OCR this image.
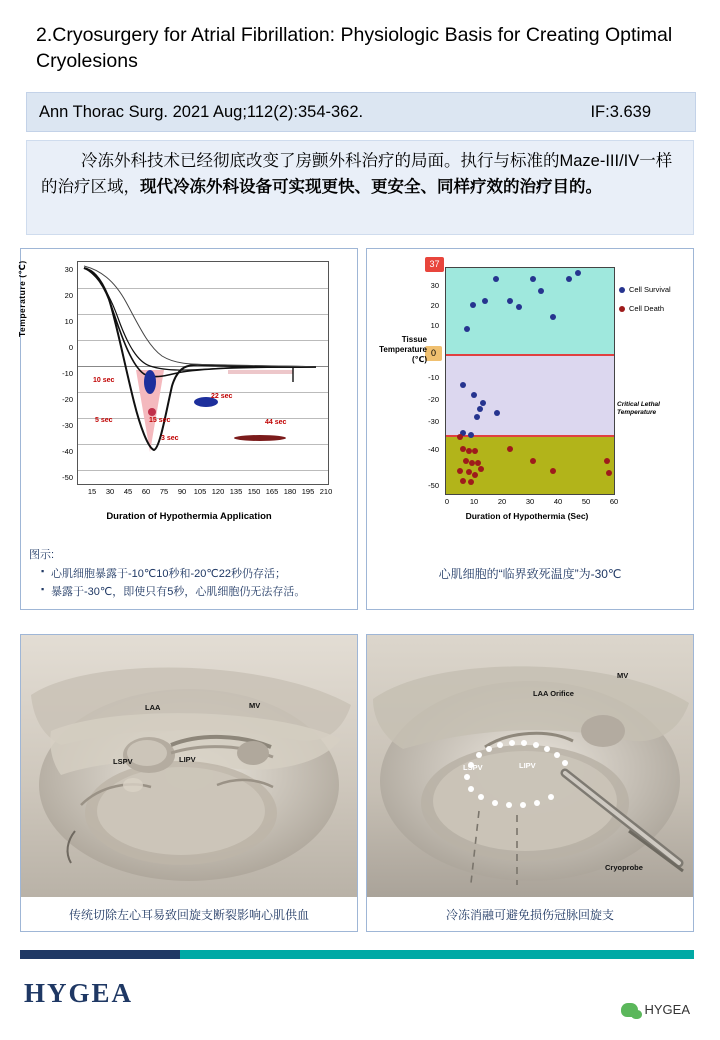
2.Cryosurgery for Atrial Fibrillation: Physiologic Basis for Creating Optimal Cryolesions
Ann Thorac Surg. 2021 Aug;112(2):354-362.	IF:3.639
冷冻外科技术已经彻底改变了房颤外科治疗的局面。执行与标准的Maze-III/IV一样的治疗区域，现代冷冻外科设备可实现更快、更安全、同样疗效的治疗目的。
Temperature (℃)	30
20
10
0
-10
-20
-30
-40
-50
10 sec
5 sec
3 sec
15 sec
22 sec
44 sec
15	30	45	60	75	90	105 120 135 150 165 180 195 210
Duration of Hypothermia Application
图示:
▪ 心肌细胞暴露于-10℃10秒和-20℃22秒仍存活；
▪ 暴露于-30℃，即使只有5秒，心肌细胞仍无法存活。
37
0
Tissue Temperature (℃)
30
20
10
-10
-20
-30
-40
-50
0	10	20	30	40	50	60
Duration of Hypothermia (Sec)
Cell Survival
Cell Death
Critical Lethal Temperature
心肌细胞的“临界致死温度”为-30℃
LAA	MV
LSPV	LIPV
传统切除左心耳易致回旋支断裂影响心肌供血
LAA Orifice
MV
LSPV	LIPV
Cryoprobe
冷冻消融可避免损伤冠脉回旋支
HYGEA
HYGEA
